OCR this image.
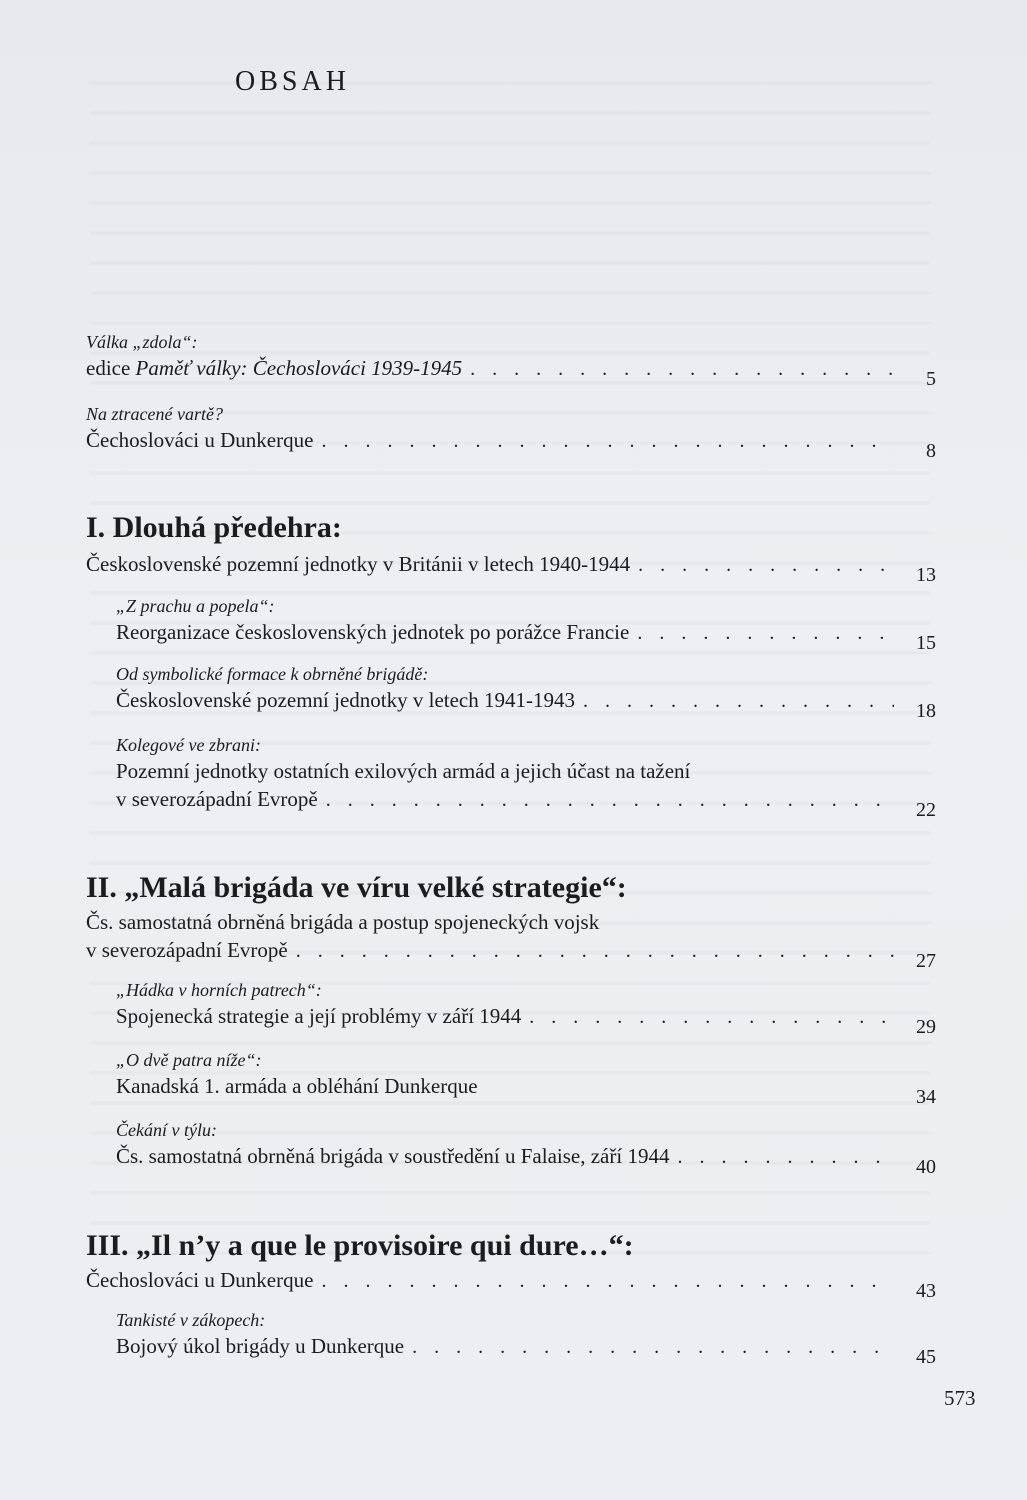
OBSAH
Válka „zdola“:
edice Paměť války: Čechoslováci 1939-1945 . . .	5
Na ztracené vartě?
Čechoslováci u Dunkerque . . .	8
I. Dlouhá předehra:
Československé pozemní jednotky v Británii v letech 1940-1944 . . .	13
„Z prachu a popela“:
Reorganizace československých jednotek po porážce Francie . . .	15
Od symbolické formace k obrněné brigádě:
Československé pozemní jednotky v letech 1941-1943 . . .	18
Kolegové ve zbrani:
Pozemní jednotky ostatních exilových armád a jejich účast na tažení
v severozápadní Evropě . . .	22
II. „Malá brigáda ve víru velké strategie“:
Čs. samostatná obrněná brigáda a postup spojeneckých vojsk
v severozápadní Evropě . . .	27
„Hádka v horních patrech“:
Spojenecká strategie a její problémy v září 1944 . . .	29
„O dvě patra níže“:
Kanadská 1. armáda a obléhání Dunkerque	34
Čekání v týlu:
Čs. samostatná obrněná brigáda v soustředění u Falaise, září 1944 . . .	40
III. „Il n’y a que le provisoire qui dure…“:
Čechoslováci u Dunkerque . . .	43
Tankisté v zákopech:
Bojový úkol brigády u Dunkerque . . .	45
573
